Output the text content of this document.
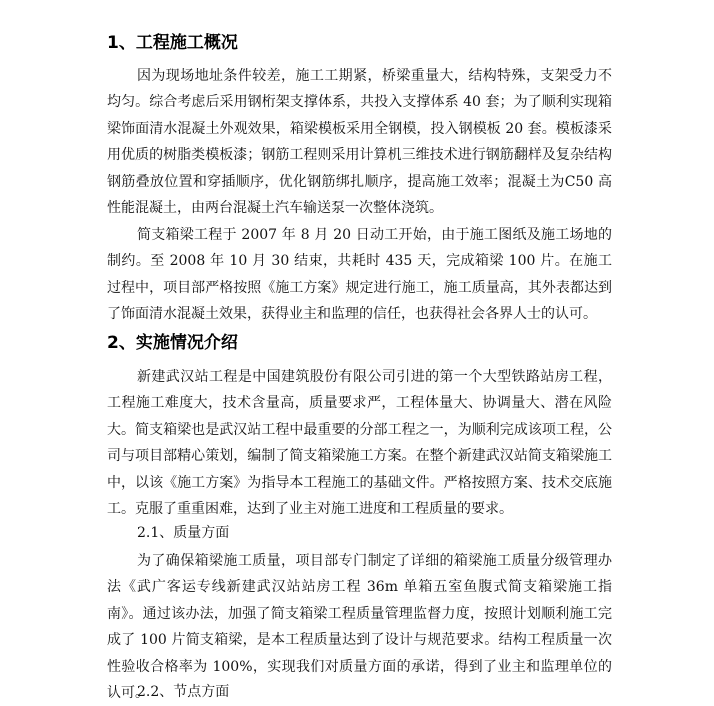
1、工程施工概况

因为现场地址条件较差，施工工期紧，桥梁重量大，结构特殊，支架受力不均匀。综合考虑后采用钢桁架支撑体系，共投入支撑体系 40 套；为了顺利实现箱梁饰面清水混凝土外观效果，箱梁模板采用全钢模，投入钢模板 20 套。模板漆采用优质的树脂类模板漆；钢筋工程则采用计算机三维技术进行钢筋翻样及复杂结构钢筋叠放位置和穿插顺序，优化钢筋绑扎顺序，提高施工效率；混凝土为C50 高性能混凝土，由两台混凝土汽车输送泵一次整体浇筑。

简支箱梁工程于 2007 年 8 月 20 日动工开始，由于施工图纸及施工场地的制约。至 2008 年 10 月 30 结束，共耗时 435 天，完成箱梁 100 片。在施工过程中，项目部严格按照《施工方案》规定进行施工，施工质量高，其外表都达到了饰面清水混凝土效果，获得业主和监理的信任，也获得社会各界人士的认可。

2、实施情况介绍

新建武汉站工程是中国建筑股份有限公司引进的第一个大型铁路站房工程，工程施工难度大，技术含量高，质量要求严，工程体量大、协调量大、潜在风险大。简支箱梁也是武汉站工程中最重要的分部工程之一，为顺利完成该项工程，公司与项目部精心策划，编制了简支箱梁施工方案。在整个新建武汉站简支箱梁施工中，以该《施工方案》为指导本工程施工的基础文件。严格按照方案、技术交底施工。克服了重重困难，达到了业主对施工进度和工程质量的要求。

2.1、质量方面

为了确保箱梁施工质量，项目部专门制定了详细的箱梁施工质量分级管理办法《武广客运专线新建武汉站站房工程 36m 单箱五室鱼腹式简支箱梁施工指南》。通过该办法，加强了简支箱梁工程质量管理监督力度，按照计划顺利施工完成了 100 片简支箱梁，是本工程质量达到了设计与规范要求。结构工程质量一次性验收合格率为 100%，实现我们对质量方面的承诺，得到了业主和监理单位的认可。

2.2、节点方面
